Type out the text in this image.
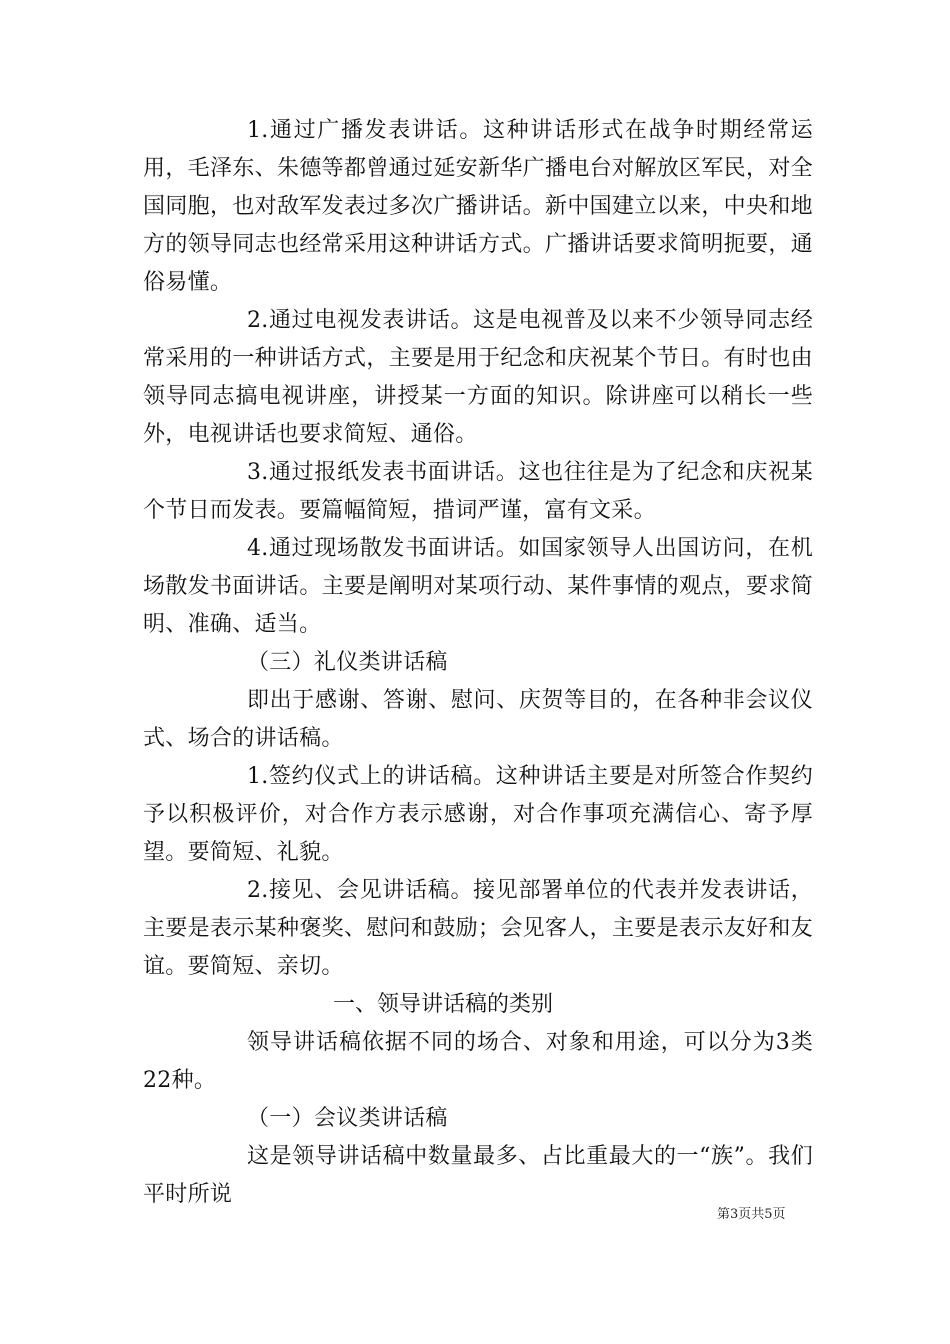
1.通过广播发表讲话。这种讲话形式在战争时期经常运用，毛泽东、朱德等都曾通过延安新华广播电台对解放区军民，对全国同胞，也对敌军发表过多次广播讲话。新中国建立以来，中央和地方的领导同志也经常采用这种讲话方式。广播讲话要求简明扼要，通俗易懂。

2.通过电视发表讲话。这是电视普及以来不少领导同志经常采用的一种讲话方式，主要是用于纪念和庆祝某个节日。有时也由领导同志搞电视讲座，讲授某一方面的知识。除讲座可以稍长一些外，电视讲话也要求简短、通俗。

3.通过报纸发表书面讲话。这也往往是为了纪念和庆祝某个节日而发表。要篇幅简短，措词严谨，富有文采。

4.通过现场散发书面讲话。如国家领导人出国访问，在机场散发书面讲话。主要是阐明对某项行动、某件事情的观点，要求简明、准确、适当。

（三）礼仪类讲话稿

即出于感谢、答谢、慰问、庆贺等目的，在各种非会议仪式、场合的讲话稿。

1.签约仪式上的讲话稿。这种讲话主要是对所签合作契约予以积极评价，对合作方表示感谢，对合作事项充满信心、寄予厚望。要简短、礼貌。

2.接见、会见讲话稿。接见部署单位的代表并发表讲话，主要是表示某种褒奖、慰问和鼓励；会见客人，主要是表示友好和友谊。要简短、亲切。

一、领导讲话稿的类别

领导讲话稿依据不同的场合、对象和用途，可以分为3类22种。

（一）会议类讲话稿

这是领导讲话稿中数量最多、占比重最大的一“族”。我们平时所说

第3页共5页
